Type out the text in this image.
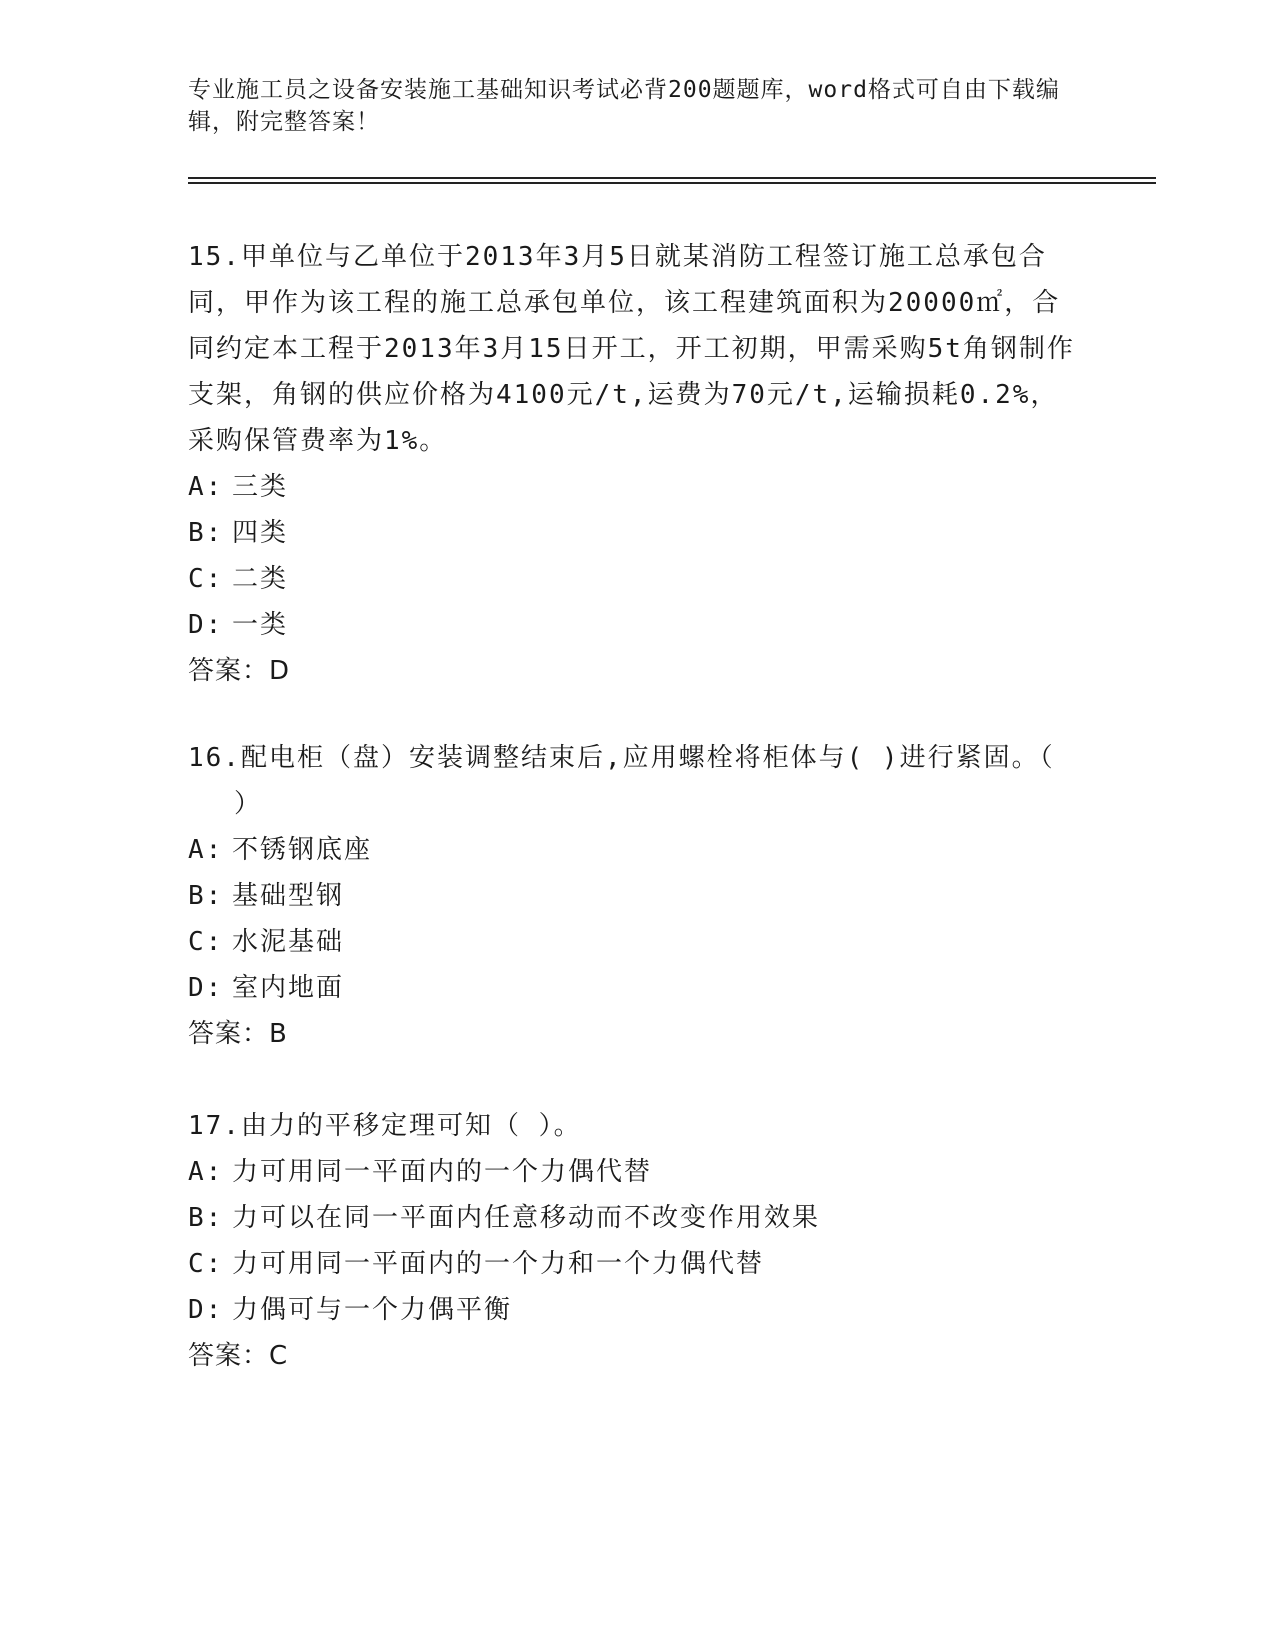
专业施工员之设备安装施工基础知识考试必背200题题库，word格式可自由下载编辑，附完整答案！
15.甲单位与乙单位于2013年3月5日就某消防工程签订施工总承包合同，甲作为该工程的施工总承包单位，该工程建筑面积为20000㎡，合同约定本工程于2013年3月15日开工，开工初期，甲需采购5t角钢制作支架，角钢的供应价格为4100元/t,运费为70元/t,运输损耗0.2%，采购保管费率为1%。
A: 三类
B: 四类
C: 二类
D: 一类
答案：D
16.配电柜（盘）安装调整结束后,应用螺栓将柜体与( )进行紧固。（ ）
A: 不锈钢底座
B: 基础型钢
C: 水泥基础
D: 室内地面
答案：B
17.由力的平移定理可知（ ）。
A: 力可用同一平面内的一个力偶代替
B: 力可以在同一平面内任意移动而不改变作用效果
C: 力可用同一平面内的一个力和一个力偶代替
D: 力偶可与一个力偶平衡
答案：C
